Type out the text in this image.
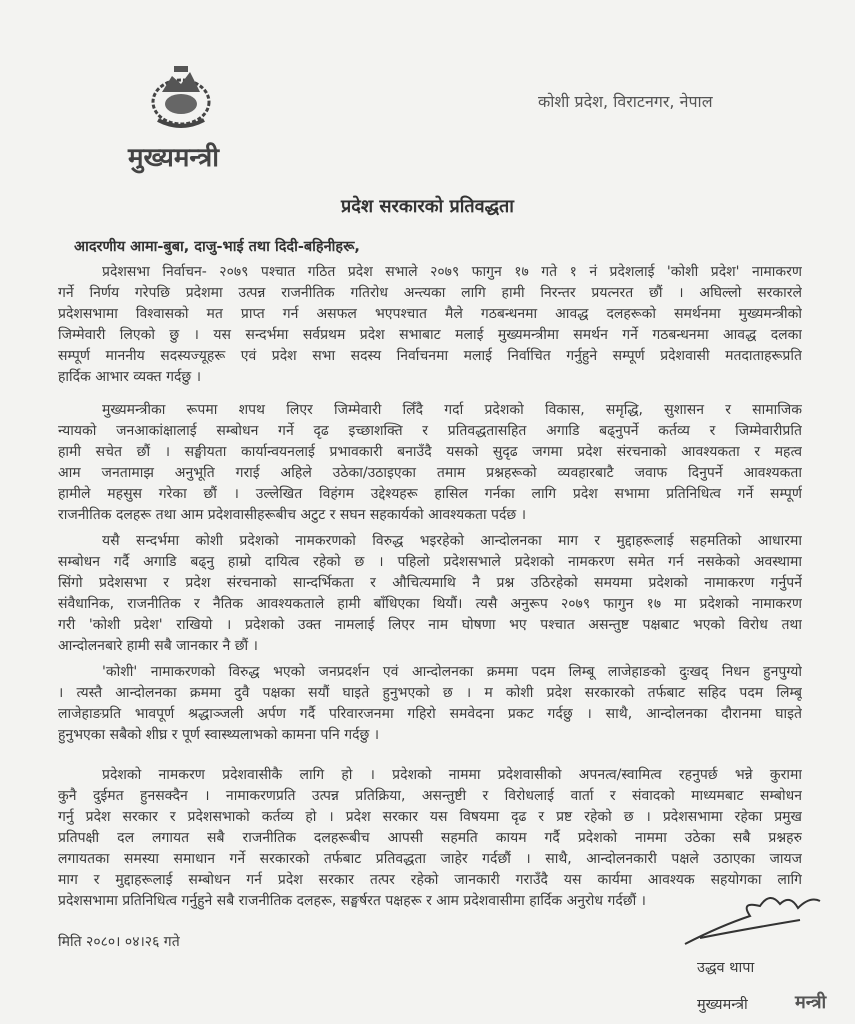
मुख्यमन्त्री
कोशी प्रदेश, विराटनगर, नेपाल
प्रदेश सरकारको प्रतिवद्धता
आदरणीय आमा-बुबा, दाजु-भाई तथा दिदी-बहिनीहरू,
प्रदेशसभा निर्वाचन- २०७९ पश्चात गठित प्रदेश सभाले २०७९ फागुन १७ गते १ नं प्रदेशलाई 'कोशी प्रदेश' नामाकरण
गर्ने निर्णय गरेपछि प्रदेशमा उत्पन्न राजनीतिक गतिरोध अन्त्यका लागि हामी निरन्तर प्रयत्नरत छौं । अघिल्लो सरकारले
प्रदेशसभामा विश्वासको मत प्राप्त गर्न असफल भएपश्चात मैले गठबन्धनमा आवद्ध दलहरूको समर्थनमा मुख्यमन्त्रीको
जिम्मेवारी लिएको छु । यस सन्दर्भमा सर्वप्रथम प्रदेश सभाबाट मलाई मुख्यमन्त्रीमा समर्थन गर्ने गठबन्धनमा आवद्ध दलका
सम्पूर्ण माननीय सदस्यज्यूहरू एवं प्रदेश सभा सदस्य निर्वाचनमा मलाई निर्वाचित गर्नुहुने सम्पूर्ण प्रदेशवासी मतदाताहरूप्रति
हार्दिक आभार व्यक्त गर्दछु ।
मुख्यमन्त्रीका रूपमा शपथ लिएर जिम्मेवारी लिँदै गर्दा प्रदेशको विकास, समृद्धि, सुशासन र सामाजिक
न्यायको जनआकांक्षालाई सम्बोधन गर्ने दृढ इच्छाशक्ति र प्रतिवद्धतासहित अगाडि बढ्नुपर्ने कर्तव्य र जिम्मेवारीप्रति
हामी सचेत छौं । सङ्घीयता कार्यान्वयनलाई प्रभावकारी बनाउँदै यसको सुदृढ जगमा प्रदेश संरचनाको आवश्यकता र महत्व
आम जनतामाझ अनुभूति गराई अहिले उठेका/उठाइएका तमाम प्रश्नहरूको व्यवहारबाटै जवाफ दिनुपर्ने आवश्यकता
हामीले महसुस गरेका छौं । उल्लेखित विहंगम उद्देश्यहरू हासिल गर्नका लागि प्रदेश सभामा प्रतिनिधित्व गर्ने सम्पूर्ण
राजनीतिक दलहरू तथा आम प्रदेशवासीहरूबीच अटुट र सघन सहकार्यको आवश्यकता पर्दछ ।
यसै सन्दर्भमा कोशी प्रदेशको नामकरणको विरुद्ध भइरहेको आन्दोलनका माग र मुद्दाहरूलाई सहमतिको आधारमा
सम्बोधन गर्दै अगाडि बढ्नु हाम्रो दायित्व रहेको छ । पहिलो प्रदेशसभाले प्रदेशको नामकरण समेत गर्न नसकेको अवस्थामा
सिंगो प्रदेशसभा र प्रदेश संरचनाको सान्दर्भिकता र औचित्यमाथि नै प्रश्न उठिरहेको समयमा प्रदेशको नामाकरण गर्नुपर्ने
संवैधानिक, राजनीतिक र नैतिक आवश्यकताले हामी बाँधिएका थियौं। त्यसै अनुरूप २०७९ फागुन १७ मा प्रदेशको नामाकरण
गरी 'कोशी प्रदेश' राखियो । प्रदेशको उक्त नामलाई लिएर नाम घोषणा भए पश्चात असन्तुष्ट पक्षबाट भएको विरोध तथा
आन्दोलनबारे हामी सबै जानकार नै छौं ।
'कोशी' नामाकरणको विरुद्ध भएको जनप्रदर्शन एवं आन्दोलनका क्रममा पदम लिम्बू लाजेहाङको दुःखद् निधन हुनपुग्यो
। त्यस्तै आन्दोलनका क्रममा दुवै पक्षका सयौं घाइते हुनुभएको छ । म कोशी प्रदेश सरकारको तर्फबाट सहिद पदम लिम्बू
लाजेहाङप्रति भावपूर्ण श्रद्धाञ्जली अर्पण गर्दै परिवारजनमा गहिरो समवेदना प्रकट गर्दछु । साथै, आन्दोलनका दौरानमा घाइते
हुनुभएका सबैको शीघ्र र पूर्ण स्वास्थ्यलाभको कामना पनि गर्दछु ।
प्रदेशको नामकरण प्रदेशवासीकै लागि हो । प्रदेशको नाममा प्रदेशवासीको अपनत्व/स्वामित्व रहनुपर्छ भन्ने कुरामा
कुनै दुईमत हुनसक्दैन । नामाकरणप्रति उत्पन्न प्रतिक्रिया, असन्तुष्टी र विरोधलाई वार्ता र संवादको माध्यमबाट सम्बोधन
गर्नु प्रदेश सरकार र प्रदेशसभाको कर्तव्य हो । प्रदेश सरकार यस विषयमा दृढ र प्रष्ट रहेको छ । प्रदेशसभामा रहेका प्रमुख
प्रतिपक्षी दल लगायत सबै राजनीतिक दलहरूबीच आपसी सहमति कायम गर्दै प्रदेशको नाममा उठेका सबै प्रश्नहरु
लगायतका समस्या समाधान गर्ने सरकारको तर्फबाट प्रतिवद्धता जाहेर गर्दछौं । साथै, आन्दोलनकारी पक्षले उठाएका जायज
माग र मुद्दाहरूलाई सम्बोधन गर्न प्रदेश सरकार तत्पर रहेको जानकारी गराउँदै यस कार्यमा आवश्यक सहयोगका लागि
प्रदेशसभामा प्रतिनिधित्व गर्नुहुने सबै राजनीतिक दलहरू, सङ्घर्षरत पक्षहरू र आम प्रदेशवासीमा हार्दिक अनुरोध गर्दछौं ।
मिति २०८०। ०४।२६ गते
उद्धव थापा
मुख्यमन्त्री	मन्त्री
